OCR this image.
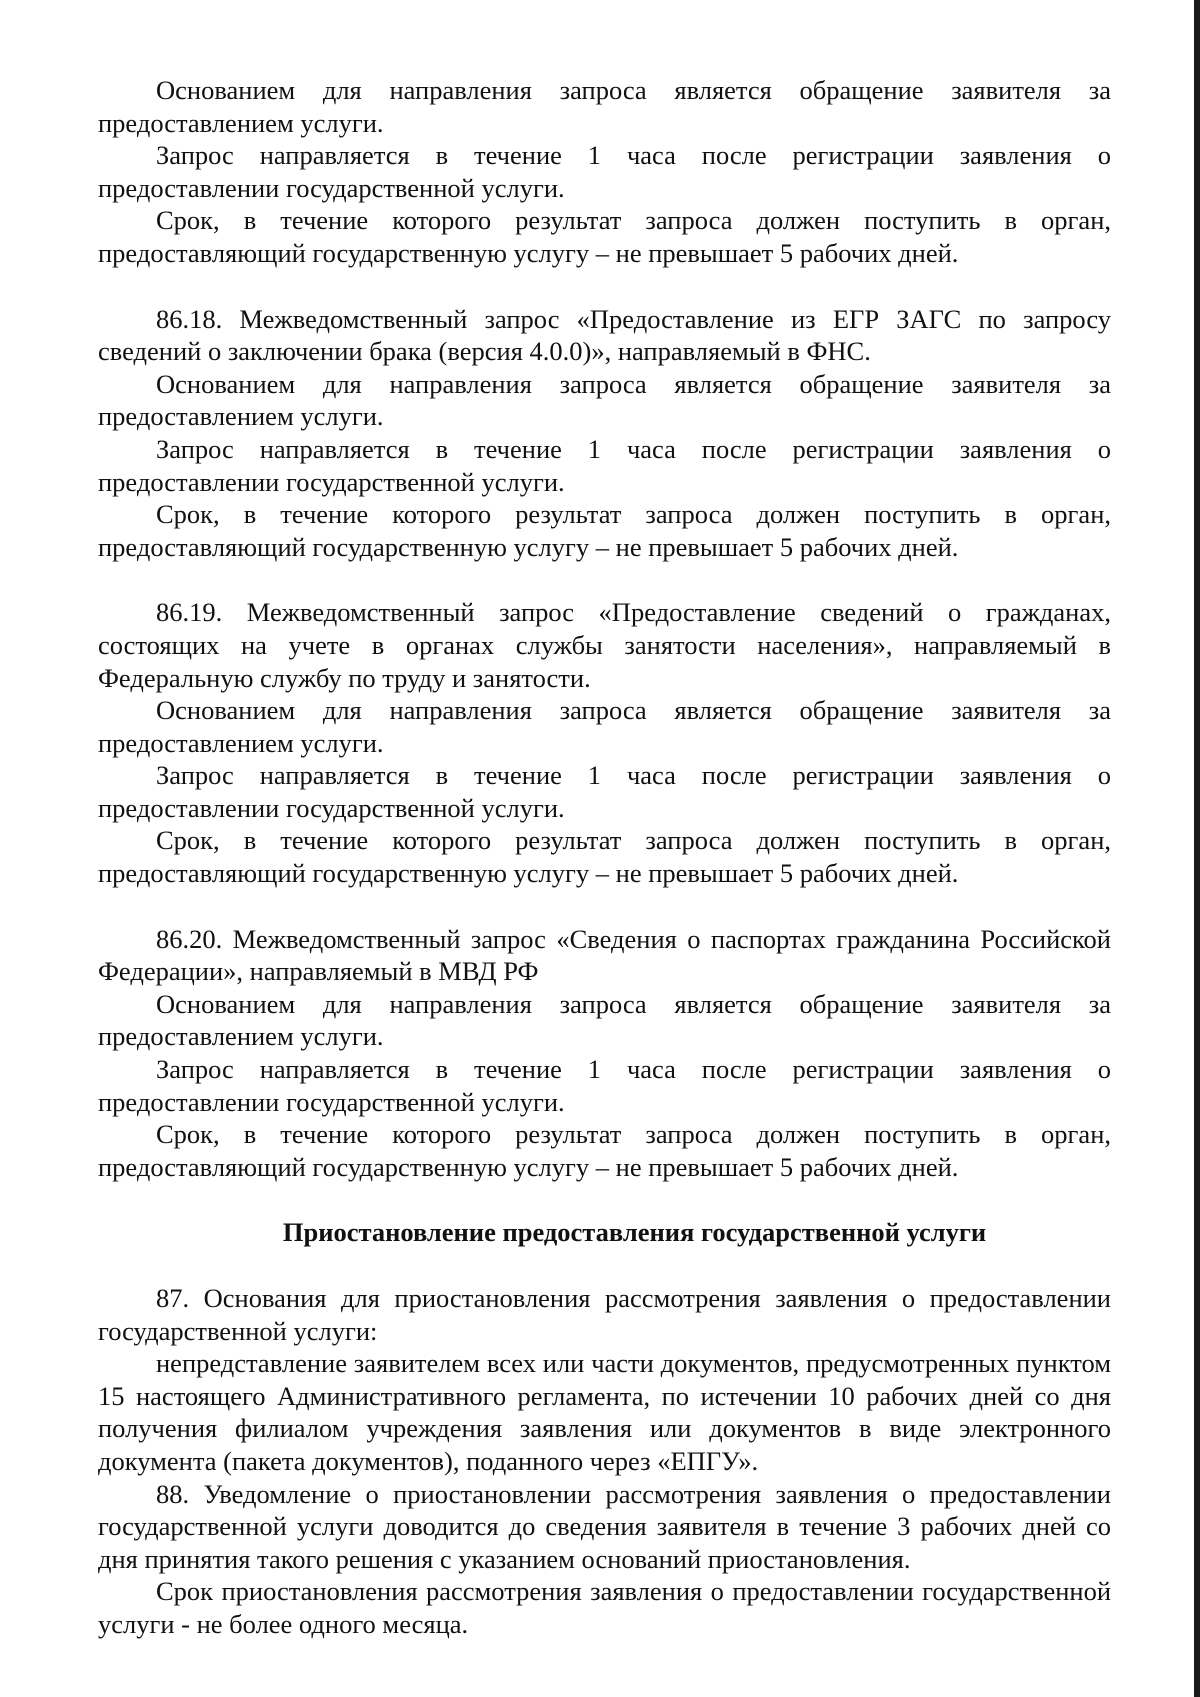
Основанием для направления запроса является обращение заявителя за предоставлением услуги.

Запрос направляется в течение 1 часа после регистрации заявления о предоставлении государственной услуги.

Срок, в течение которого результат запроса должен поступить в орган, предоставляющий государственную услугу – не превышает 5 рабочих дней.

86.18. Межведомственный запрос «Предоставление из ЕГР ЗАГС по запросу сведений о заключении брака (версия 4.0.0)», направляемый в ФНС.

Основанием для направления запроса является обращение заявителя за предоставлением услуги.

Запрос направляется в течение 1 часа после регистрации заявления о предоставлении государственной услуги.

Срок, в течение которого результат запроса должен поступить в орган, предоставляющий государственную услугу – не превышает 5 рабочих дней.

86.19. Межведомственный запрос «Предоставление сведений о гражданах, состоящих на учете в органах службы занятости населения», направляемый в Федеральную службу по труду и занятости.

Основанием для направления запроса является обращение заявителя за предоставлением услуги.

Запрос направляется в течение 1 часа после регистрации заявления о предоставлении государственной услуги.

Срок, в течение которого результат запроса должен поступить в орган, предоставляющий государственную услугу – не превышает 5 рабочих дней.

86.20. Межведомственный запрос «Сведения о паспортах гражданина Российской Федерации», направляемый в МВД РФ

Основанием для направления запроса является обращение заявителя за предоставлением услуги.

Запрос направляется в течение 1 часа после регистрации заявления о предоставлении государственной услуги.

Срок, в течение которого результат запроса должен поступить в орган, предоставляющий государственную услугу – не превышает 5 рабочих дней.

Приостановление предоставления государственной услуги

87. Основания для приостановления рассмотрения заявления о предоставлении государственной услуги:

непредставление заявителем всех или части документов, предусмотренных пунктом 15 настоящего Административного регламента, по истечении 10 рабочих дней со дня получения филиалом учреждения заявления или документов в виде электронного документа (пакета документов), поданного через «ЕПГУ».

88. Уведомление о приостановлении рассмотрения заявления о предоставлении государственной услуги доводится до сведения заявителя в течение 3 рабочих дней со дня принятия такого решения с указанием оснований приостановления.

Срок приостановления рассмотрения заявления о предоставлении государственной услуги - не более одного месяца.
